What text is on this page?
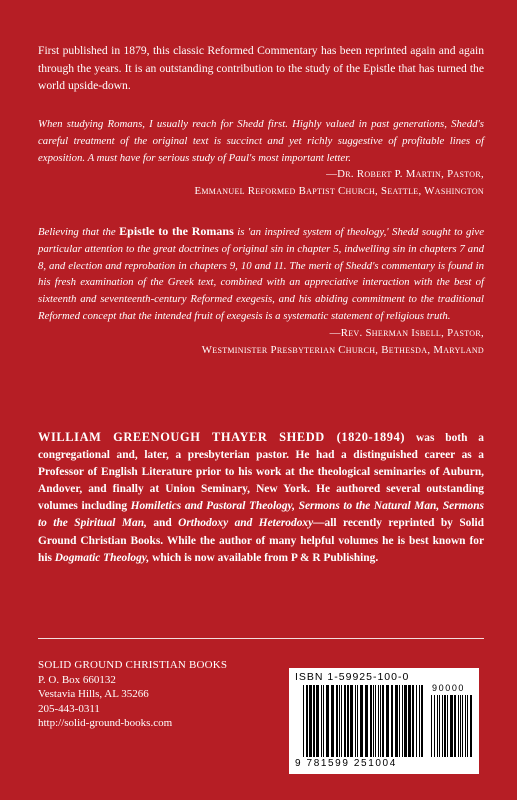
First published in 1879, this classic Reformed Commentary has been reprinted again and again through the years. It is an outstanding contribution to the study of the Epistle that has turned the world upside-down.

When studying Romans, I usually reach for Shedd first. Highly valued in past generations, Shedd's careful treatment of the original text is succinct and yet richly suggestive of profitable lines of exposition. A must have for serious study of Paul's most important letter.
—Dr. Robert P. Martin, Pastor,
Emmanuel Reformed Baptist Church, Seattle, Washington
Believing that the Epistle to the Romans is 'an inspired system of theology,' Shedd sought to give particular attention to the great doctrines of original sin in chapter 5, indwelling sin in chapters 7 and 8, and election and reprobation in chapters 9, 10 and 11. The merit of Shedd's commentary is found in his fresh examination of the Greek text, combined with an appreciative interaction with the best of sixteenth and seventeenth-century Reformed exegesis, and his abiding commitment to the traditional Reformed concept that the intended fruit of exegesis is a systematic statement of religious truth.
—Rev. Sherman Isbell, Pastor,
Westminister Presbyterian Church, Bethesda, Maryland
WILLIAM GREENOUGH THAYER SHEDD (1820-1894) was both a congregational and, later, a presbyterian pastor. He had a distinguished career as a Professor of English Literature prior to his work at the theological seminaries of Auburn, Andover, and finally at Union Seminary, New York. He authored several outstanding volumes including Homiletics and Pastoral Theology, Sermons to the Natural Man, Sermons to the Spiritual Man, and Orthodoxy and Heterodoxy—all recently reprinted by Solid Ground Christian Books. While the author of many helpful volumes he is best known for his Dogmatic Theology, which is now available from P & R Publishing.
SOLID GROUND CHRISTIAN BOOKS
P. O. Box 660132
Vestavia Hills, AL 35266
205-443-0311
http://solid-ground-books.com
ISBN 1-59925-100-0
90000
9 781599 251004
